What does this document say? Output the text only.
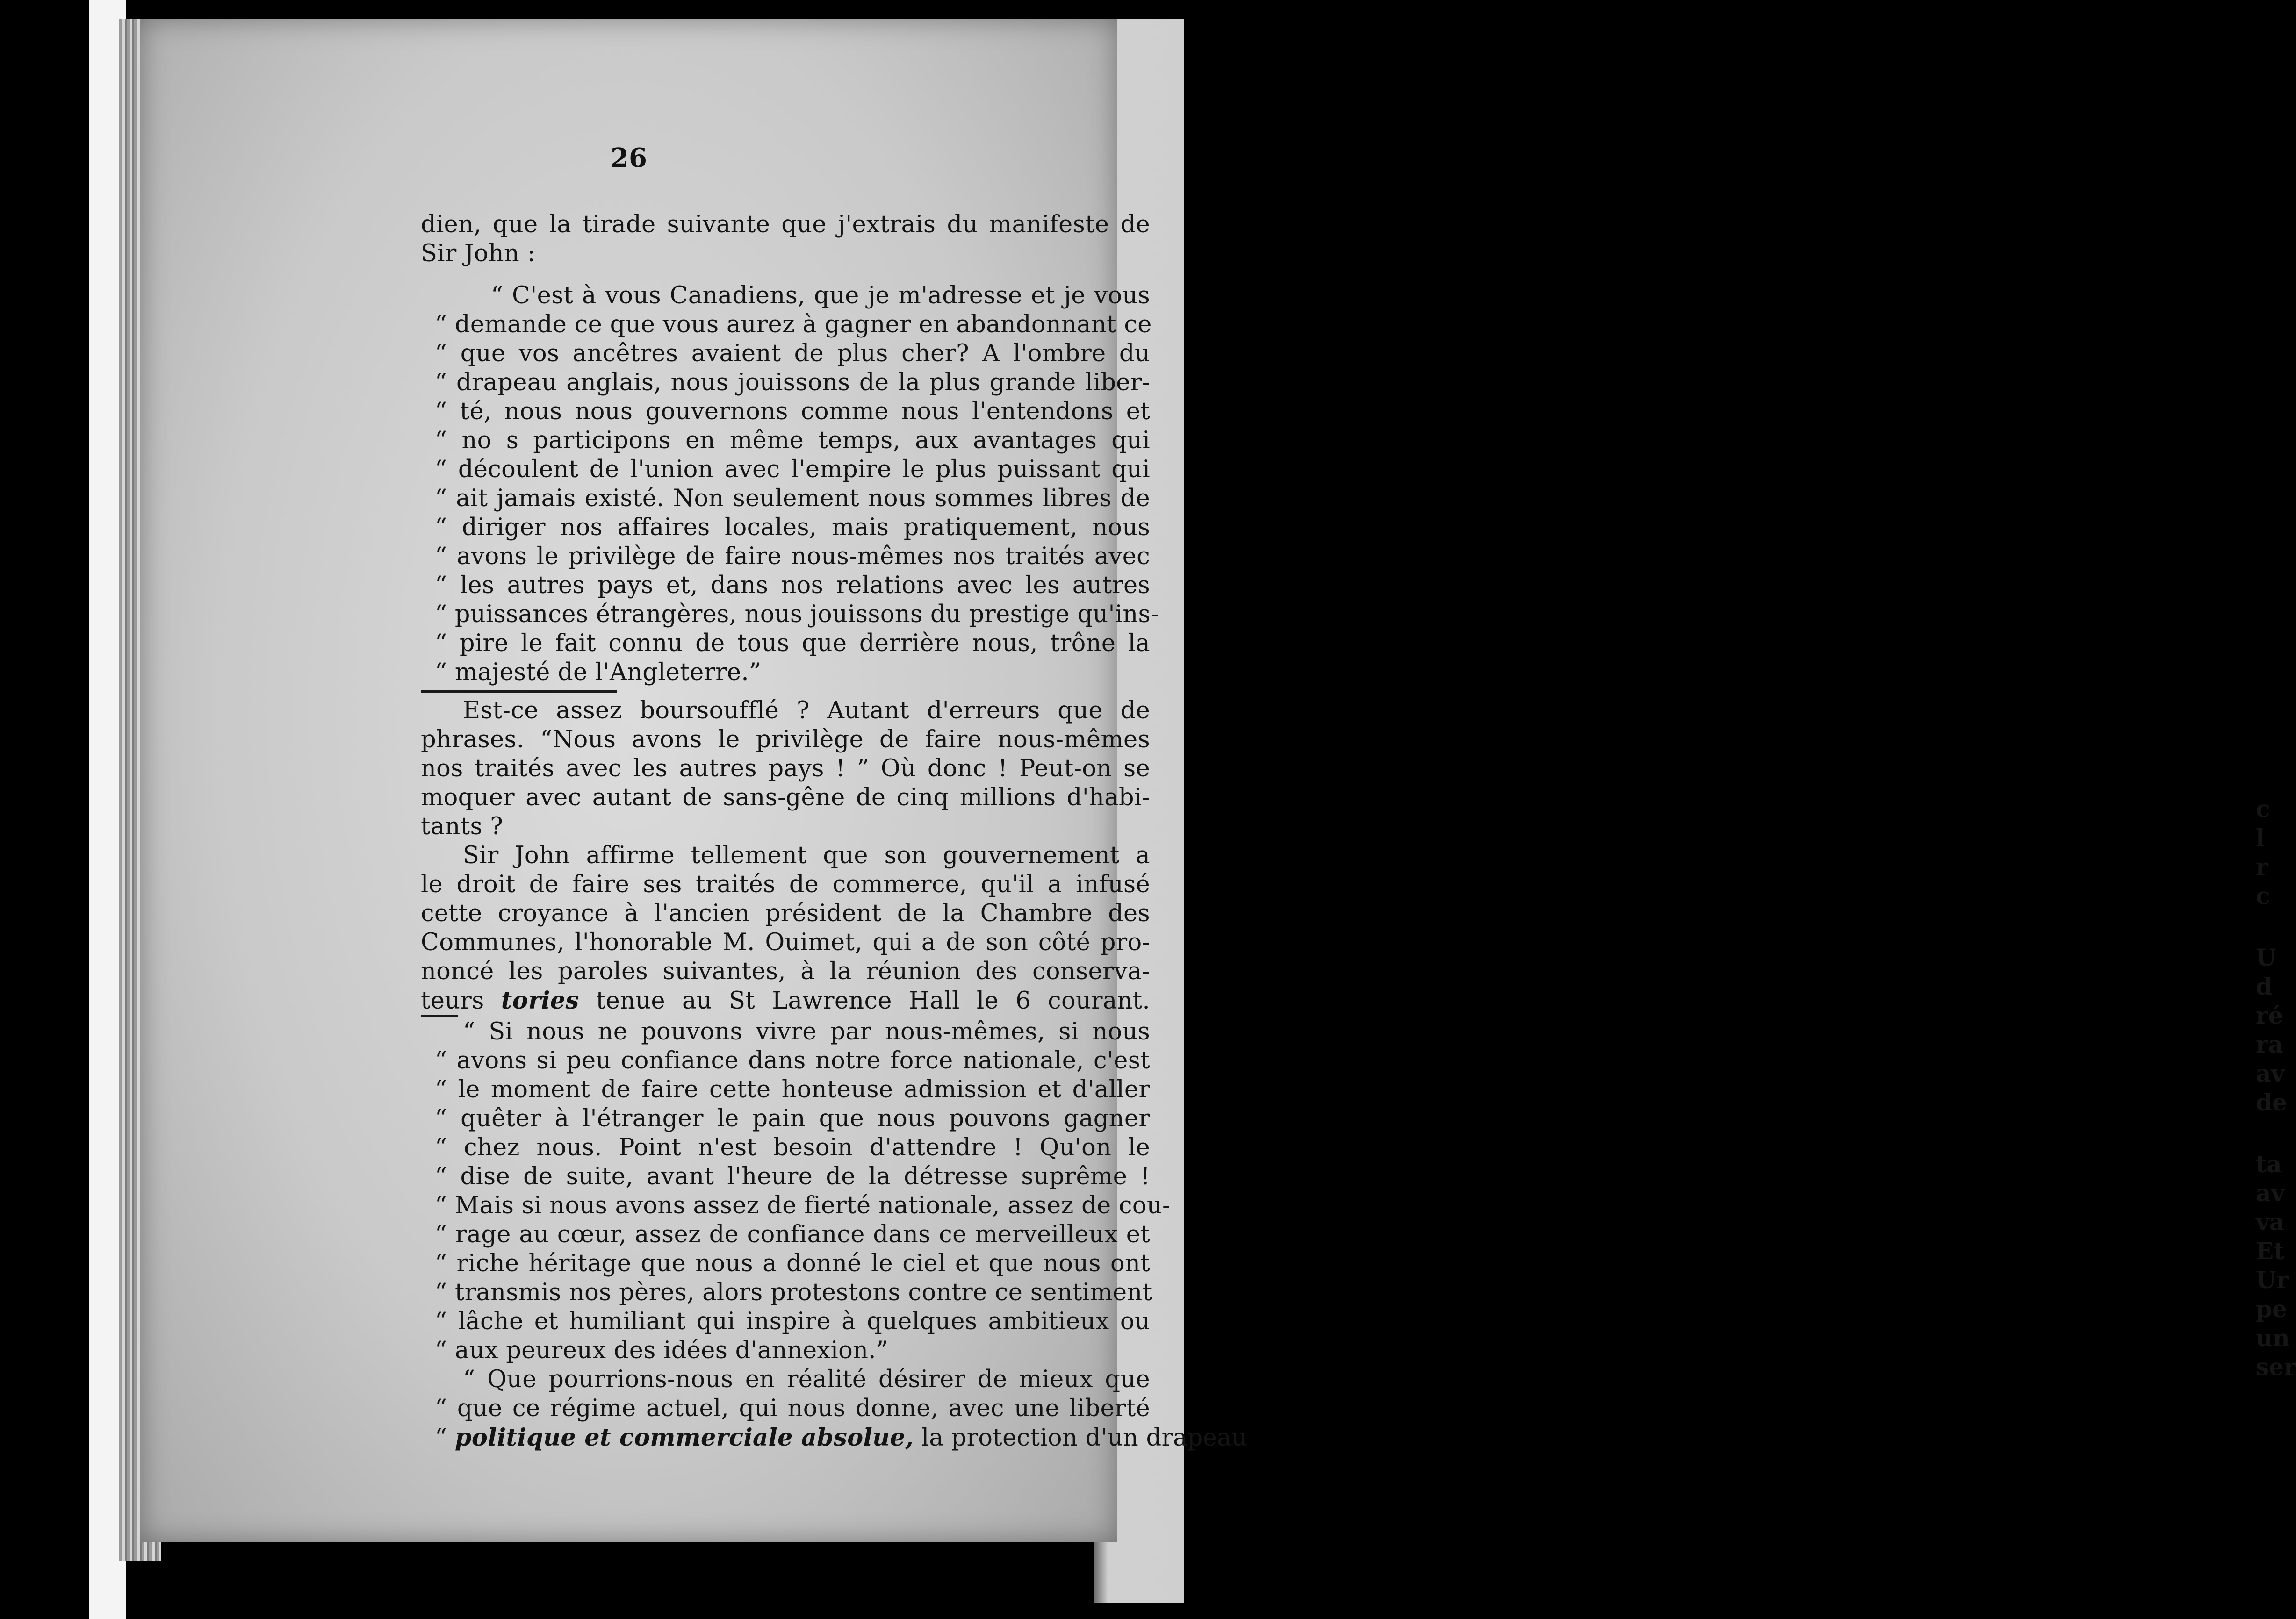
c
l
r
c
U
d
ré
ra
av
de
ta
av
va
Et
Ur
pe
un
ser
26
dien, que la tirade suivante que j'extrais du manifeste de
Sir John :
“ C'est à vous Canadiens, que je m'adresse et je vous
“ demande ce que vous aurez à gagner en abandonnant ce
“ que vos ancêtres avaient de plus cher? A l'ombre du
“ drapeau anglais, nous jouissons de la plus grande liber-
“ té, nous nous gouvernons comme nous l'entendons et
“ no s participons en même temps, aux avantages qui
“ découlent de l'union avec l'empire le plus puissant qui
“ ait jamais existé. Non seulement nous sommes libres de
“ diriger nos affaires locales, mais pratiquement, nous
“ avons le privilège de faire nous-mêmes nos traités avec
“ les autres pays et, dans nos relations avec les autres
“ puissances étrangères, nous jouissons du prestige qu'ins-
“ pire le fait connu de tous que derrière nous, trône la
“ majesté de l'Angleterre.”
Est-ce assez boursoufflé ? Autant d'erreurs que de
phrases. “Nous avons le privilège de faire nous-mêmes
nos traités avec les autres pays ! ” Où donc ! Peut-on se
moquer avec autant de sans-gêne de cinq millions d'habi-
tants ?
Sir John affirme tellement que son gouvernement a
le droit de faire ses traités de commerce, qu'il a infusé
cette croyance à l'ancien président de la Chambre des
Communes, l'honorable M. Ouimet, qui a de son côté pro-
noncé les paroles suivantes, à la réunion des conserva-
teurs tories tenue au St Lawrence Hall le 6 courant.
“ Si nous ne pouvons vivre par nous-mêmes, si nous
“ avons si peu confiance dans notre force nationale, c'est
“ le moment de faire cette honteuse admission et d'aller
“ quêter à l'étranger le pain que nous pouvons gagner
“ chez nous. Point n'est besoin d'attendre ! Qu'on le
“ dise de suite, avant l'heure de la détresse suprême !
“ Mais si nous avons assez de fierté nationale, assez de cou-
“ rage au cœur, assez de confiance dans ce merveilleux et
“ riche héritage que nous a donné le ciel et que nous ont
“ transmis nos pères, alors protestons contre ce sentiment
“ lâche et humiliant qui inspire à quelques ambitieux ou
“ aux peureux des idées d'annexion.”
“ Que pourrions-nous en réalité désirer de mieux que
“ que ce régime actuel, qui nous donne, avec une liberté
“ politique et commerciale absolue, la protection d'un drapeau
